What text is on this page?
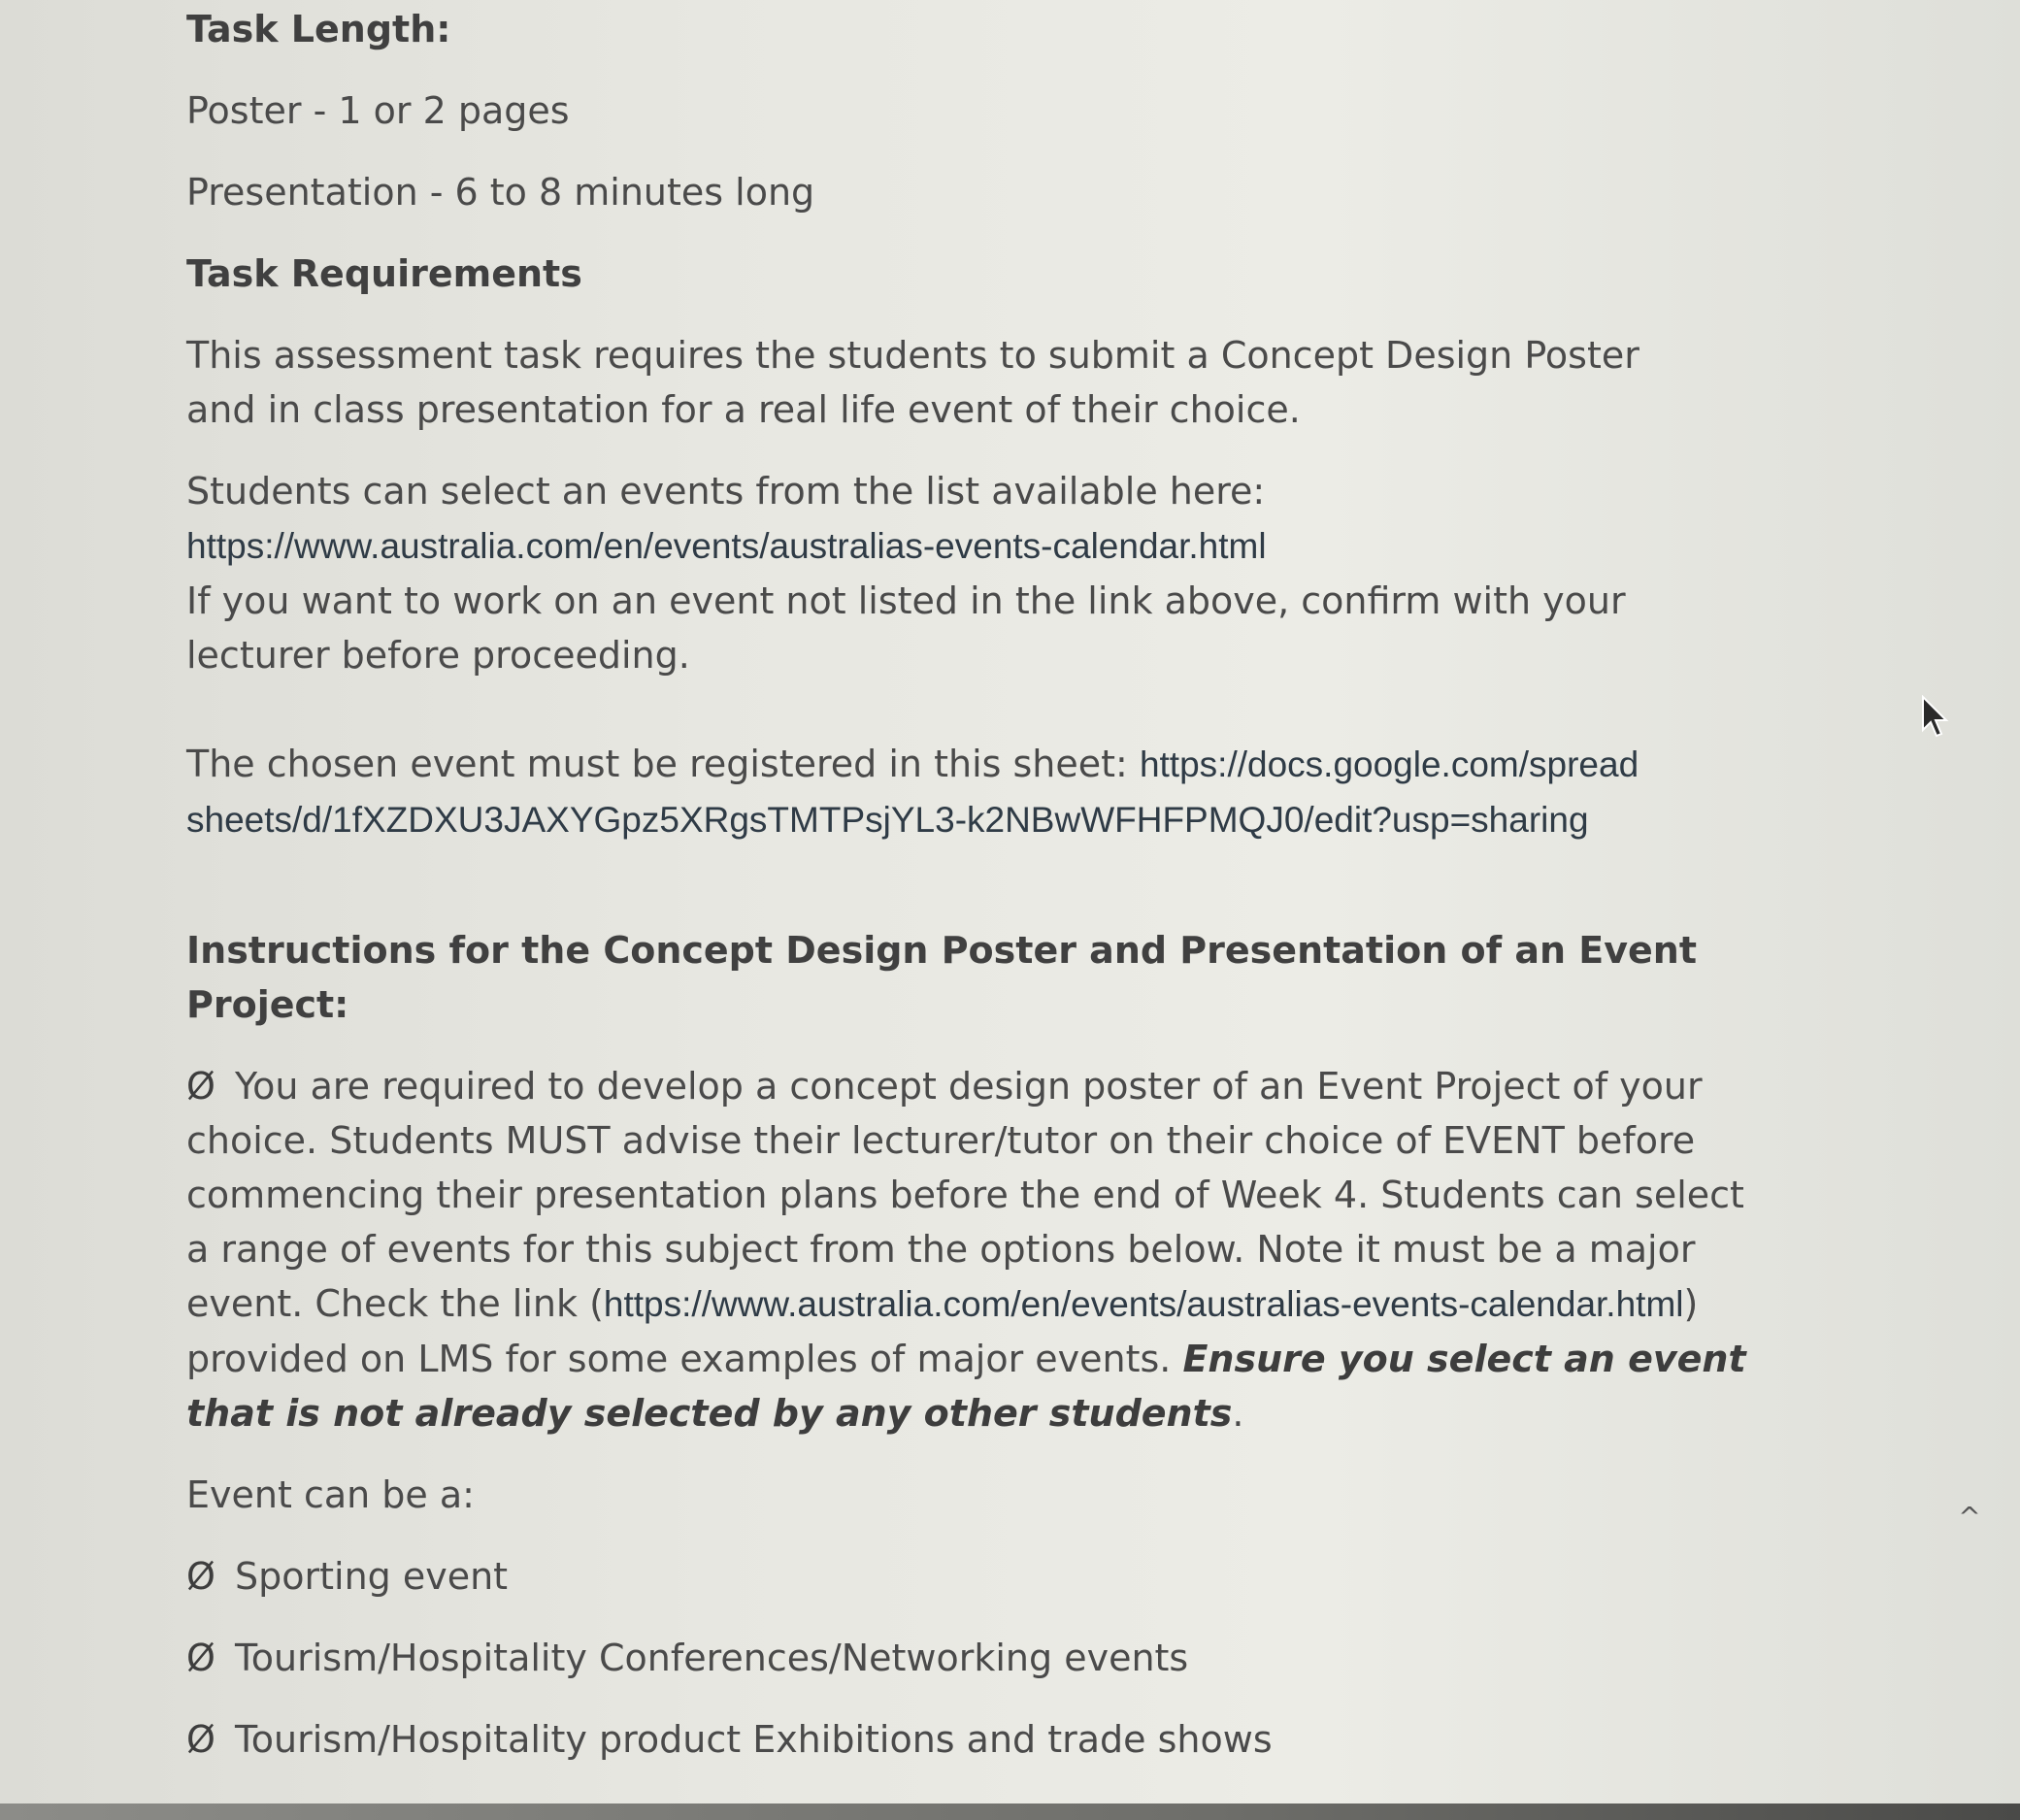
Task Length:

Poster - 1 or 2 pages

Presentation - 6 to 8 minutes long

Task Requirements

This assessment task requires the students to submit a Concept Design Poster and in class presentation for a real life event of their choice.

Students can select an events from the list available here:
https://www.australia.com/en/events/australias-events-calendar.html
If you want to work on an event not listed in the link above, confirm with your lecturer before proceeding.

The chosen event must be registered in this sheet: https://docs.google.com/spreadsheets/d/1fXZDXU3JAXYGpz5XRgsTMTPsjYL3-k2NBwWFHFPMQJ0/edit?usp=sharing

Instructions for the Concept Design Poster and Presentation of an Event Project:

Ø You are required to develop a concept design poster of an Event Project of your choice. Students MUST advise their lecturer/tutor on their choice of EVENT before commencing their presentation plans before the end of Week 4. Students can select a range of events for this subject from the options below. Note it must be a major event. Check the link (https://www.australia.com/en/events/australias-events-calendar.html) provided on LMS for some examples of major events. Ensure you select an event that is not already selected by any other students.

Event can be a:

Ø Sporting event

Ø Tourism/Hospitality Conferences/Networking events

Ø Tourism/Hospitality product Exhibitions and trade shows

^
